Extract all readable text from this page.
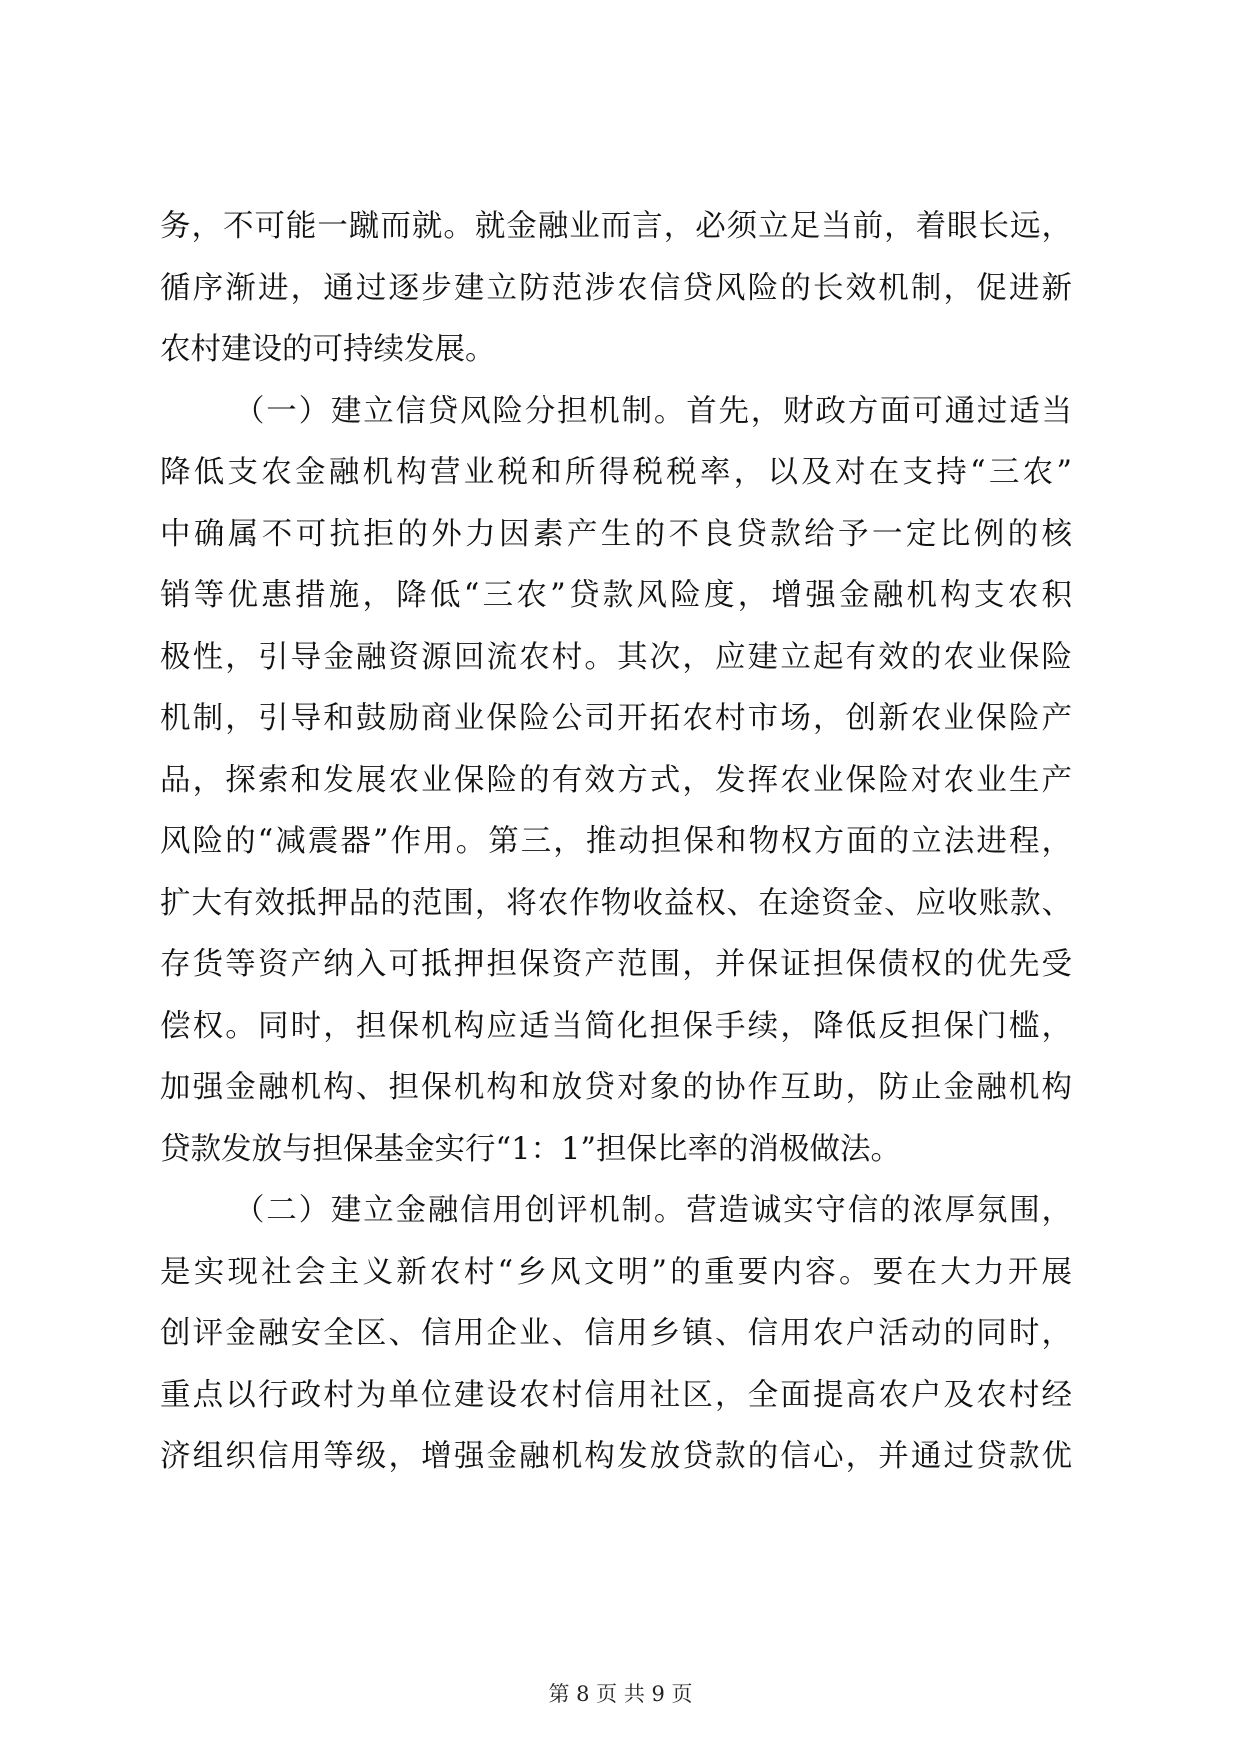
务，不可能一蹴而就。就金融业而言，必须立足当前，着眼长远，
循序渐进，通过逐步建立防范涉农信贷风险的长效机制，促进新
农村建设的可持续发展。
（一）建立信贷风险分担机制。首先，财政方面可通过适当
降低支农金融机构营业税和所得税税率，以及对在支持“三农”
中确属不可抗拒的外力因素产生的不良贷款给予一定比例的核
销等优惠措施，降低“三农”贷款风险度，增强金融机构支农积
极性，引导金融资源回流农村。其次，应建立起有效的农业保险
机制，引导和鼓励商业保险公司开拓农村市场，创新农业保险产
品，探索和发展农业保险的有效方式，发挥农业保险对农业生产
风险的“减震器”作用。第三，推动担保和物权方面的立法进程，
扩大有效抵押品的范围，将农作物收益权、在途资金、应收账款、
存货等资产纳入可抵押担保资产范围，并保证担保债权的优先受
偿权。同时，担保机构应适当简化担保手续，降低反担保门槛，
加强金融机构、担保机构和放贷对象的协作互助，防止金融机构
贷款发放与担保基金实行“1：1”担保比率的消极做法。
（二）建立金融信用创评机制。营造诚实守信的浓厚氛围，
是实现社会主义新农村“乡风文明”的重要内容。要在大力开展
创评金融安全区、信用企业、信用乡镇、信用农户活动的同时，
重点以行政村为单位建设农村信用社区，全面提高农户及农村经
济组织信用等级，增强金融机构发放贷款的信心，并通过贷款优
第 8 页 共 9 页
